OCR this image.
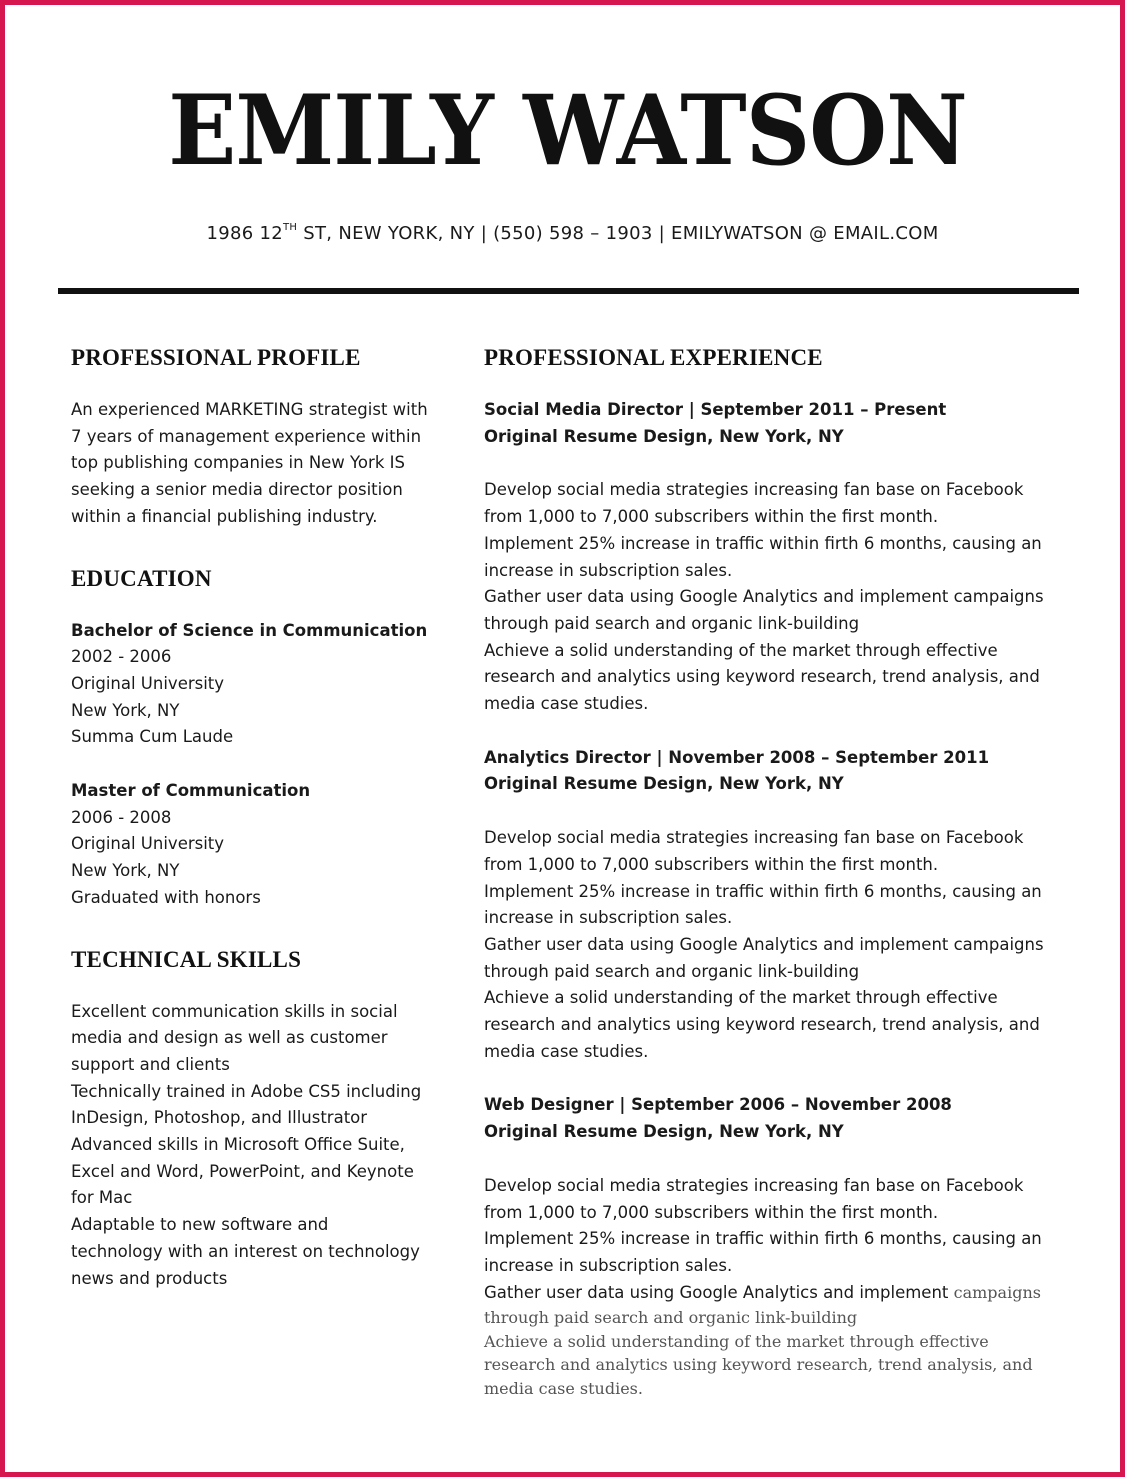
EMILY WATSON
1986 12TH ST, NEW YORK, NY | (550) 598 – 1903 | EMILYWATSON @ EMAIL.COM
PROFESSIONAL PROFILE

An experienced MARKETING strategist with

7 years of management experience within

top publishing companies in New York IS

seeking a senior media director position

within a financial publishing industry.

EDUCATION

Bachelor of Science in Communication

2002 - 2006

Original University

New York, NY

Summa Cum Laude

Master of Communication

2006 - 2008

Original University

New York, NY

Graduated with honors

TECHNICAL SKILLS

Excellent communication skills in social

media and design as well as customer

support and clients

Technically trained in Adobe CS5 including

InDesign, Photoshop, and Illustrator

Advanced skills in Microsoft Office Suite,

Excel and Word, PowerPoint, and Keynote

for Mac

Adaptable to new software and

technology with an interest on technology

news and products

PROFESSIONAL EXPERIENCE

Social Media Director | September 2011 – Present

Original Resume Design, New York, NY

Develop social media strategies increasing fan base on Facebook

from 1,000 to 7,000 subscribers within the first month.

Implement 25% increase in traffic within firth 6 months, causing an

increase in subscription sales.

Gather user data using Google Analytics and implement campaigns

through paid search and organic link-building

Achieve a solid understanding of the market through effective

research and analytics using keyword research, trend analysis, and

media case studies.

Analytics Director | November 2008 – September 2011

Original Resume Design, New York, NY

Develop social media strategies increasing fan base on Facebook

from 1,000 to 7,000 subscribers within the first month.

Implement 25% increase in traffic within firth 6 months, causing an

increase in subscription sales.

Gather user data using Google Analytics and implement campaigns

through paid search and organic link-building

Achieve a solid understanding of the market through effective

research and analytics using keyword research, trend analysis, and

media case studies.

Web Designer | September 2006 – November 2008

Original Resume Design, New York, NY

Develop social media strategies increasing fan base on Facebook

from 1,000 to 7,000 subscribers within the first month.

Implement 25% increase in traffic within firth 6 months, causing an

increase in subscription sales.

Gather user data using Google Analytics and implement campaigns

through paid search and organic link-building

Achieve a solid understanding of the market through effective

research and analytics using keyword research, trend analysis, and

media case studies.
